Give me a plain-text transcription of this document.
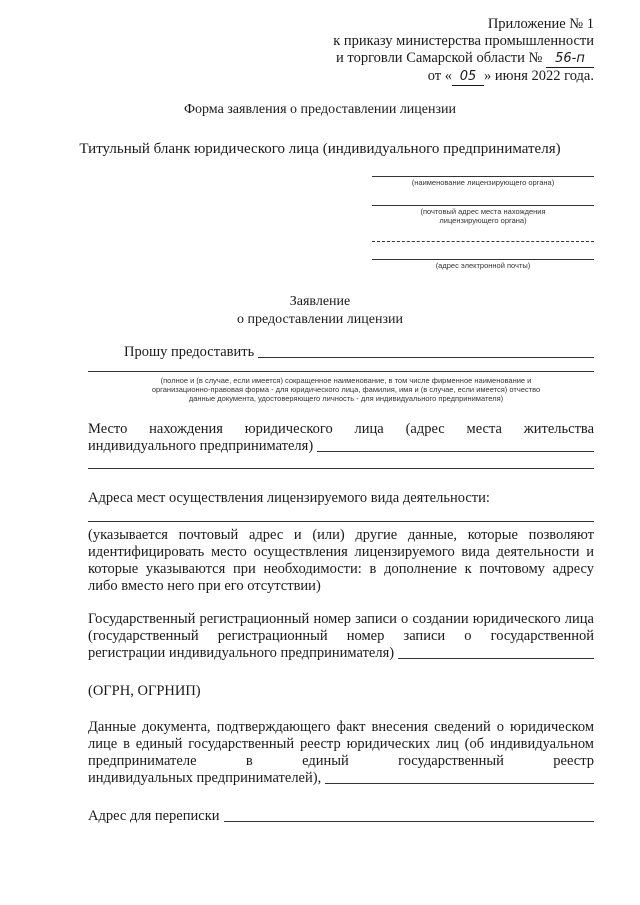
Приложение № 1
к приказу министерства промышленности
и торговли Самарской области № 56-п
от « 05 » июня 2022 года.
Форма заявления о предоставлении лицензии
Титульный бланк юридического лица (индивидуального предпринимателя)
(наименование лицензирующего органа)
(почтовый адрес места нахождения лицензирующего органа)
(адрес электронной почты)
Заявление
о предоставлении лицензии
Прошу предоставить
(полное и (в случае, если имеется) сокращенное наименование, в том числе фирменное наименование и организационно-правовая форма - для юридического лица, фамилия, имя и (в случае, если имеется) отчество данные документа, удостоверяющего личность - для индивидуального предпринимателя)
Место нахождения юридического лица (адрес места жительства
индивидуального предпринимателя)
Адреса мест осуществления лицензируемого вида деятельности:
(указывается почтовый адрес и (или) другие данные, которые позволяют идентифицировать место осуществления лицензируемого вида деятельности и которые указываются при необходимости: в дополнение к почтовому адресу либо вместо него при его отсутствии)
Государственный регистрационный номер записи о создании юридического лица (государственный регистрационный номер записи о государственной
регистрации индивидуального предпринимателя)
(ОГРН, ОГРНИП)
Данные документа, подтверждающего факт внесения сведений о юридическом лице в единый государственный реестр юридических лиц (об индивидуальном предпринимателе в единый государственный реестр
индивидуальных предпринимателей),
Адрес для переписки
